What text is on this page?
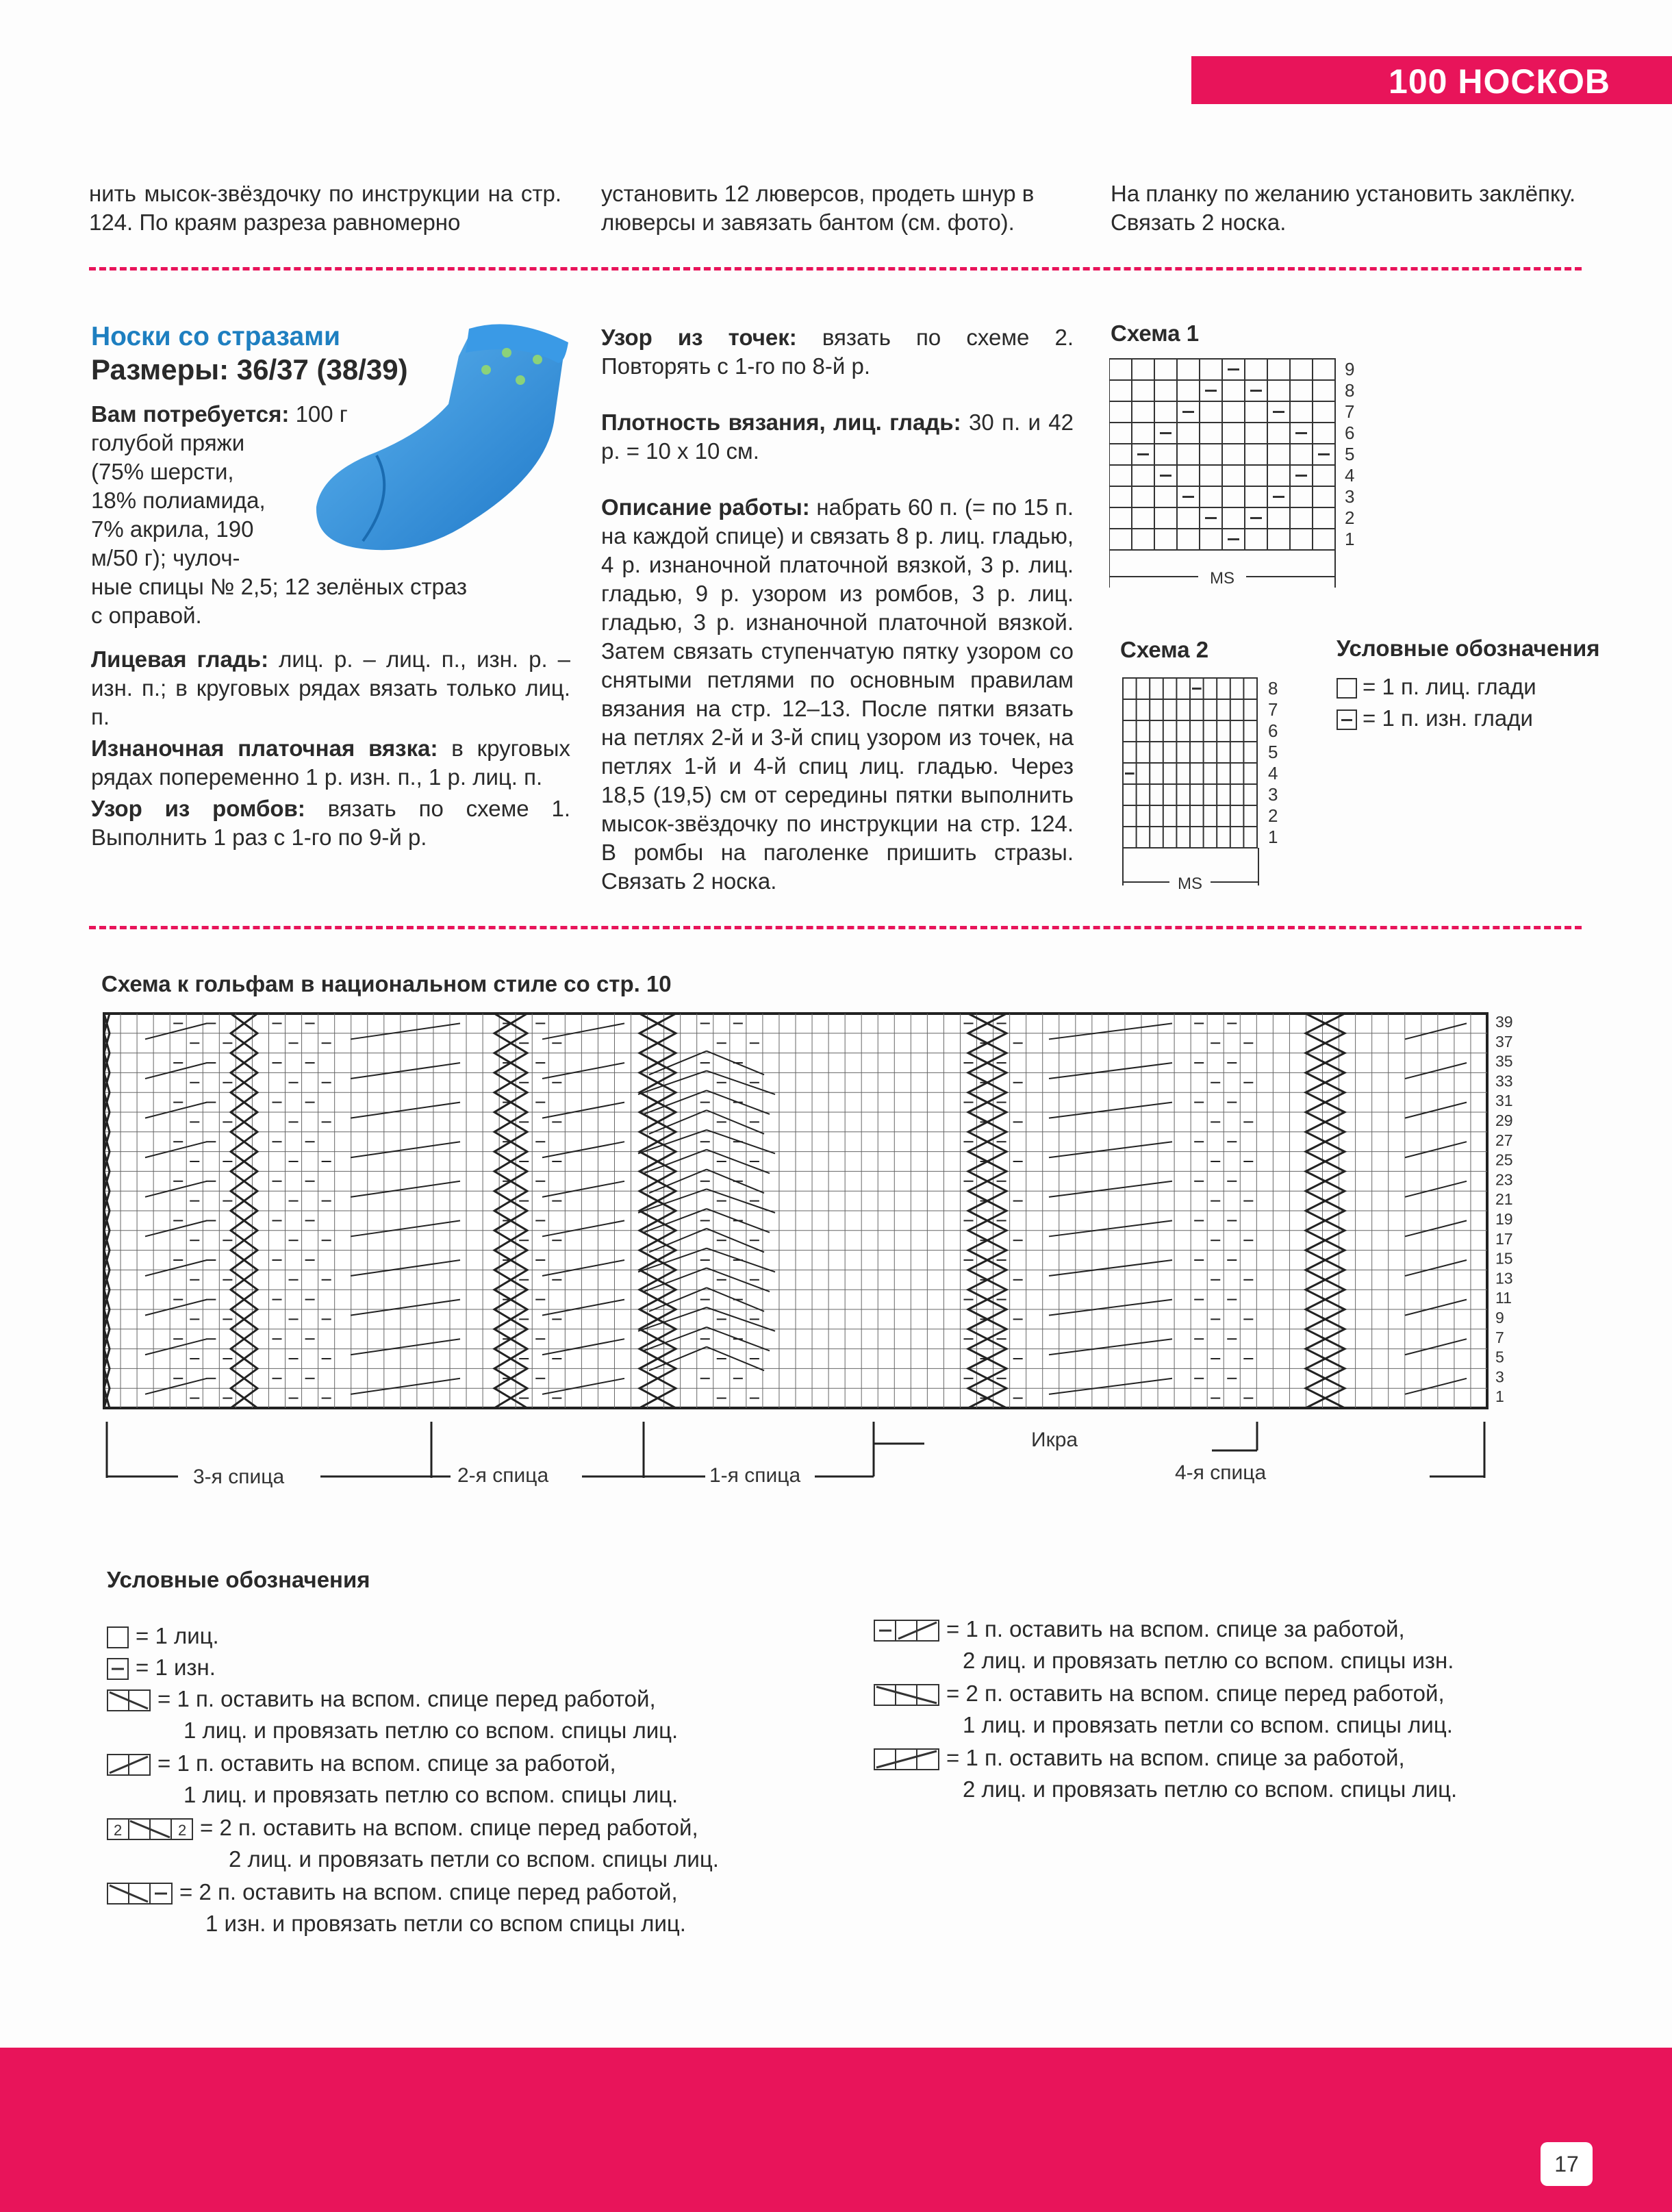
100 НОСКОВ
нить мысок-звёздочку по инструкции на стр. 124. По краям разреза равномерно
установить 12 люверсов, продеть шнур в люверсы и завязать бантом (см. фото).
На планку по желанию установить заклёпку. Связать 2 носка.
Носки со стразами
Размеры: 36/37 (38/39)
Вам потребуется: 100 г
голубой пряжи
(75% шерсти,
18% полиамида,
7% акрила, 190
м/50 г); чулоч-
ные спицы № 2,5; 12 зелёных страз
с оправой.
Лицевая гладь: лиц. р. – лиц. п., изн. р. – изн. п.; в круговых рядах вязать только лиц. п.
Изнаночная платочная вязка: в круговых рядах попеременно 1 р. изн. п., 1 р. лиц. п.
Узор из ромбов: вязать по схеме 1. Выполнить 1 раз с 1-го по 9-й р.
Узор из точек: вязать по схеме 2. Повторять с 1-го по 8-й р.
Плотность вязания, лиц. гладь: 30 п. и 42 р. = 10 х 10 см.
Описание работы: набрать 60 п. (= по 15 п. на каждой спице) и связать 8 р. лиц. гладью, 4 р. изнаночной платочной вязкой, 3 р. лиц. гладью, 9 р. узором из ромбов, 3 р. лиц. гладью, 3 р. изнаночной платочной вязкой. Затем связать ступенчатую пятку узором со снятыми петлями по основным правилам вязания на стр. 12–13. После пятки вязать на петлях 2-й и 3-й спиц узором из точек, на петлях 1-й и 4-й спиц лиц. гладью. Через 18,5 (19,5) см от середины пятки выполнить мысок-звёздочку по инструкции на стр. 124. В ромбы на паголенке пришить стразы. Связать 2 носка.
Схема 1
9
8
7
6
5
4
3
2
1
MS
Схема 2
8
7
6
5
4
3
2
1
MS
Условные обозначения
= 1 п. лиц. глади
= 1 п. изн. глади
Схема к гольфам в национальном стиле со стр. 10
39
37
35
33
31
29
27
25
23
21
19
17
15
13
11
9
7
5
3
1
3-я спица	2-я спица	1-я спица
Икра
4-я спица
Условные обозначения
= 1 лиц.
= 1 изн.
= 1 п. оставить на вспом. спице перед работой,
1 лиц. и провязать петлю со вспом. спицы лиц.
= 1 п. оставить на вспом. спице за работой,
1 лиц. и провязать петлю со вспом. спицы лиц.
2	2 = 2 п. оставить на вспом. спице перед работой,
2 лиц. и провязать петли со вспом. спицы лиц.
= 2 п. оставить на вспом. спице перед работой,
1 изн. и провязать петли со вспом спицы лиц.
= 1 п. оставить на вспом. спице за работой,
2 лиц. и провязать петлю со вспом. спицы изн.
= 2 п. оставить на вспом. спице перед работой,
1 лиц. и провязать петли со вспом. спицы лиц.
= 1 п. оставить на вспом. спице за работой,
2 лиц. и провязать петлю со вспом. спицы лиц.
17
